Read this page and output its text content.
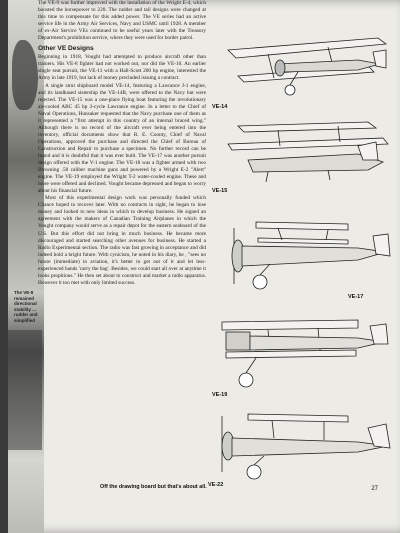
The VE-9 remained directional stability ... rudder and simplified

The VE-9 was further improved with the installation of the Wright E-4, which boosted the horsepower to 220. The rudder and tail designs were changed at this time to compensate for this added power. The VE series had an active service life in the Army Air Services, Navy and USMC until 1928. A member of ex-Air Service VEs continued to be useful years later with the Treasury Department's prohibition service, where they were used for border patrol.

Other VE Designs

Beginning in 1918, Vought had attempted to produce aircraft other than trainers. His VE-8 fighter had not worked out, nor did the VE-10. An earlier single seat pursuit, the VE-11 with a Hall-Scott 200 hp engine, interested the Army in late 1919, but lack of money precluded issuing a contract.

A single strut shipboard model VE-14, featuring a Lawrance J-1 engine, and its landbased sistership the VE-14B, were offered to the Navy but were rejected. The VE-15 was a one-place flying boat featuring the revolutionary air-cooled ABC 45 hp 3-cycle Lawrance engine. In a letter to the Chief of Naval Operations, Hunsaker requested that the Navy purchase one of them as it represented a "first attempt in this country of an internal braced wing." Although there is no record of the aircraft ever being entered into the inventory, official documents show that R. E. Coonty, Chief of Naval Operations, approved the purchase and directed the Chief of Bureau of Construction and Repair to purchase a specimen. No further record can be found and it is doubtful that it was ever built. The VE-17 was another pursuit design offered with the V-1 engine. The VE-18 was a fighter armed with two Browning .50 caliber machine guns and powered by a Wright E-2 "Alert" engine. The VE-19 employed the Wright T-2 water-cooled engine. These and more were offered and declined. Vought became depressed and began to worry about his financial future.

Most of this experimental design work was personally funded which Chance hoped to recover later. With no contracts in sight, he began to lose money and looked to new ideas in which to develop business. He signed an agreement with the makers of Canadian Training Airplanes in which the Vought company would serve as a repair depot for the eastern seaboard of the U.S. But this effort did not bring in much business. He became more discouraged and started searching other avenues for business. He started a Radio Experimental section. The radio was fast growing in acceptance and did indeed hold a bright future. With cynicism, he noted in his diary, he , "sees no future (immediate) in aviation, it's better to get out of it and let less-experienced hands 'carry the bag'. Besides, we could start all over at anytime it looks propitious." He then set about to construct and market a radio apparatus. However it too met with only limited success.

VE-14
VE-15
VE-17
VE-19
VE-22
Off the drawing board but that's about all.	27
